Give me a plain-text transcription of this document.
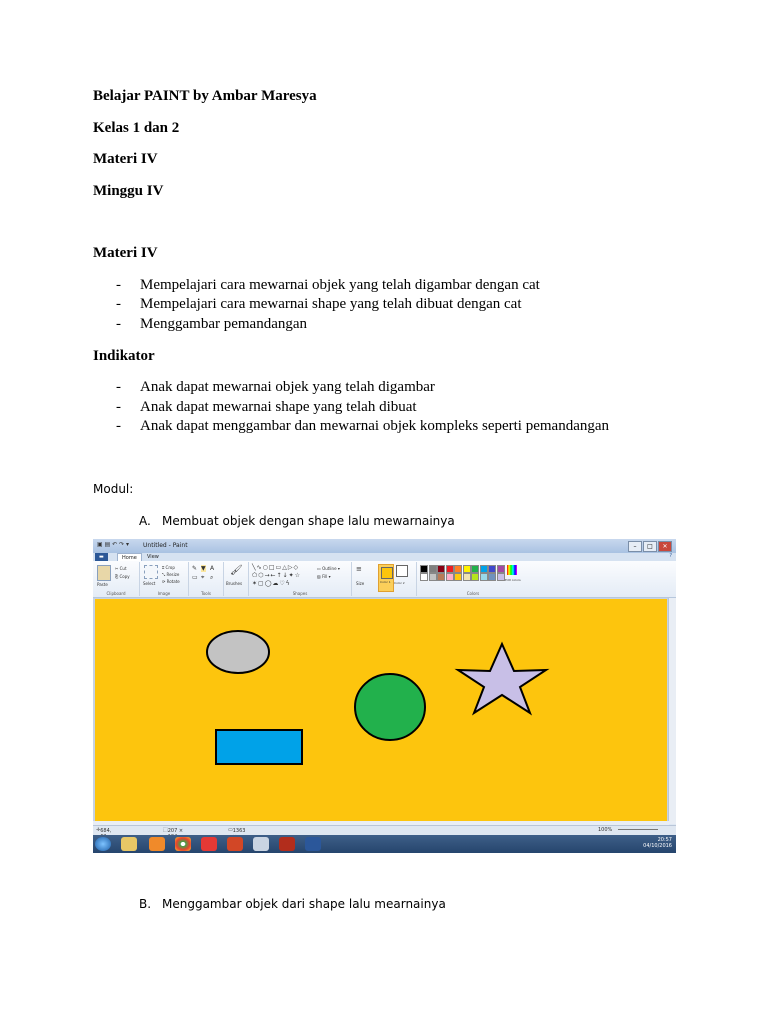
Belajar PAINT by Ambar Maresya
Kelas 1 dan 2
Materi IV
Minggu IV
Materi IV
- Mempelajari cara mewarnai objek yang telah digambar dengan cat
- Mempelajari cara mewarnai shape yang telah dibuat dengan cat
- Menggambar pemandangan
Indikator
- Anak dapat mewarnai objek yang telah digambar
- Anak dapat mewarnai shape yang telah dibuat
- Anak dapat menggambar dan mewarnai objek kompleks seperti pemandangan
Modul:
A. Membuat objek dengan shape lalu mewarnainya
▣ ▤ ↶ ↷ ▾ Untitled - Paint	–	□	✕
▬	Home	View	?
Paste
✂ Cut
⎘ Copy
Clipboard
Select
⌗ Crop
⤡ Resize
⟳ Rotate
Image
✎ ▼ A
▭ ⌖ ⌕
Tools
🖌
Brushes
╲∿○□▭△▷◇
⬠⬡→←↑↓✦☆
✶▢◯☁♡ϟ
▭ Outline ▾
▨ Fill ▾
Shapes
≡
Size	Color 1 Color 2
Colors
Edit colors
✛ 684,	⬚ 207 ×	▭ 1363	100%
20:57
04/10/2016
B. Menggambar objek dari shape lalu mearnainya
